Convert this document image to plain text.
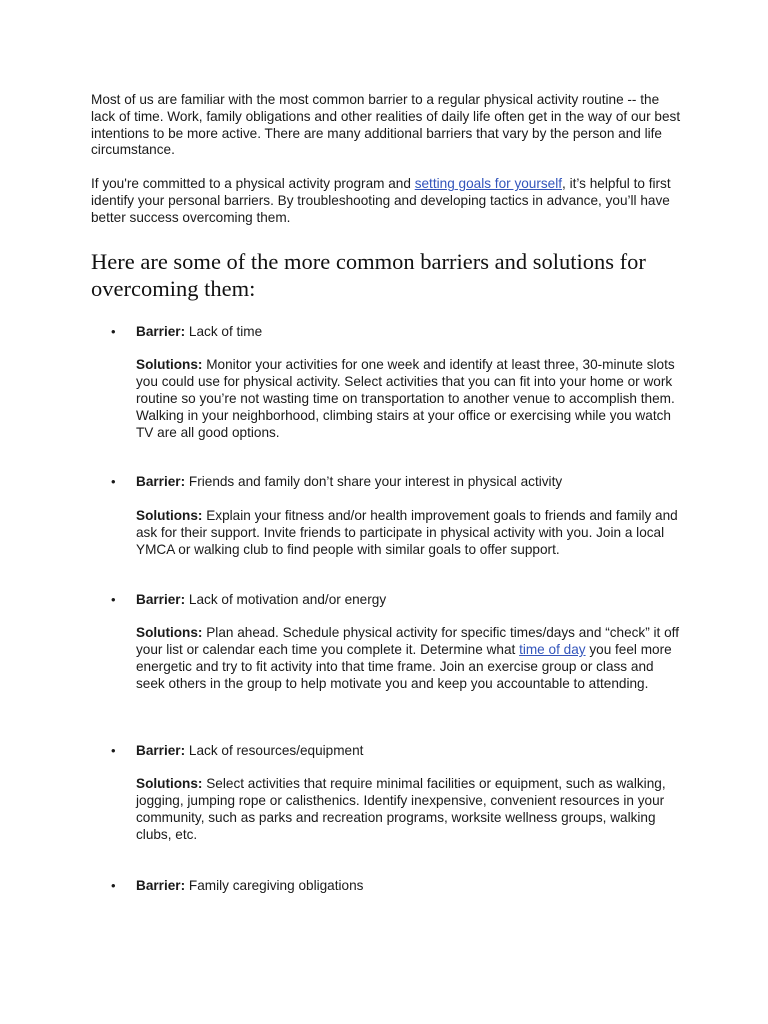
Most of us are familiar with the most common barrier to a regular physical activity routine -- the lack of time. Work, family obligations and other realities of daily life often get in the way of our best intentions to be more active. There are many additional barriers that vary by the person and life circumstance.

If you're committed to a physical activity program and setting goals for yourself, it’s helpful to first identify your personal barriers. By troubleshooting and developing tactics in advance, you’ll have better success overcoming them.

Here are some of the more common barriers and solutions for overcoming them:
• Barrier: Lack of time

Solutions: Monitor your activities for one week and identify at least three, 30-minute slots you could use for physical activity. Select activities that you can fit into your home or work routine so you’re not wasting time on transportation to another venue to accomplish them. Walking in your neighborhood, climbing stairs at your office or exercising while you watch TV are all good options.

• Barrier: Friends and family don’t share your interest in physical activity

Solutions: Explain your fitness and/or health improvement goals to friends and family and ask for their support. Invite friends to participate in physical activity with you. Join a local YMCA or walking club to find people with similar goals to offer support.

• Barrier: Lack of motivation and/or energy

Solutions: Plan ahead. Schedule physical activity for specific times/days and “check” it off your list or calendar each time you complete it. Determine what time of day you feel more energetic and try to fit activity into that time frame. Join an exercise group or class and seek others in the group to help motivate you and keep you accountable to attending.

• Barrier: Lack of resources/equipment

Solutions: Select activities that require minimal facilities or equipment, such as walking, jogging, jumping rope or calisthenics. Identify inexpensive, convenient resources in your community, such as parks and recreation programs, worksite wellness groups, walking clubs, etc.

• Barrier: Family caregiving obligations
